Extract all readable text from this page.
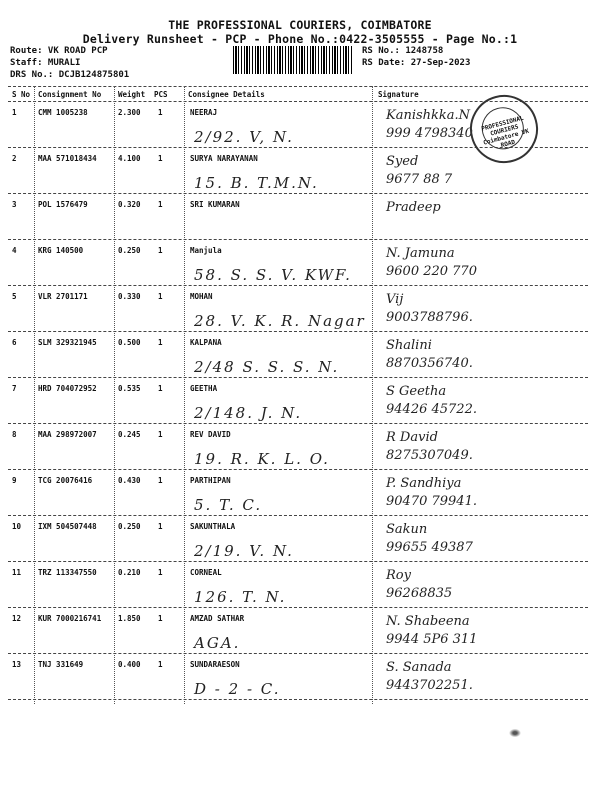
THE PROFESSIONAL COURIERS, COIMBATORE
Delivery Runsheet - PCP - Phone No.:0422-3505555 - Page No.:1
Route: VK ROAD PCP
Staff: MURALI
DRS No.: DCJB124875801
RS No.: 1248758
RS Date: 27-Sep-2023
S No Consignment No Weight PCS	Consignee Details	Signature
1	CMM 1005238	2.300 1	NEERAJ
2/92. V, N.
Kanishkka.N
999 4798340
2	MAA 571018434	4.100 1	SURYA NARAYANAN
15. B. T.M.N.
Syed
9677 88 7
3	POL 1576479	0.320 1	SRI KUMARAN	Pradeep
4	KRG 140500	0.250 1	Manjula
58. S. S. V. KWF.
N. Jamuna
9600 220 770
5	VLR 2701171	0.330 1	MOHAN
28. V. K. R. Nagar
Vij
9003788796.
6	SLM 329321945	0.500 1	KALPANA
2/48 S. S. S. N.
Shalini
8870356740.
7	HRD 704072952	0.535 1	GEETHA
2/148. J. N.
S Geetha
94426 45722.
8	MAA 298972007	0.245 1	REV DAVID
19. R. K. L. O.
R David
8275307049.
9	TCG 20076416	0.430 1	PARTHIPAN
5. T. C.
P. Sandhiya
90470 79941.
10 IXM 504507448	0.250 1	SAKUNTHALA
2/19. V. N.
Sakun
99655 49387
11 TRZ 113347550	0.210 1	CORNEAL
126. T. N.
Roy
96268835
12 KUR 7000216741 1.850 1	AMZAD SATHAR
AGA.
N. Shabeena
9944 5P6 311
13 TNJ 331649	0.400 1	SUNDARAESON
D - 2 - C.
S. Sanada
9443702251.
PROFESSIONAL COURIERS Coimbatore VK ROAD
